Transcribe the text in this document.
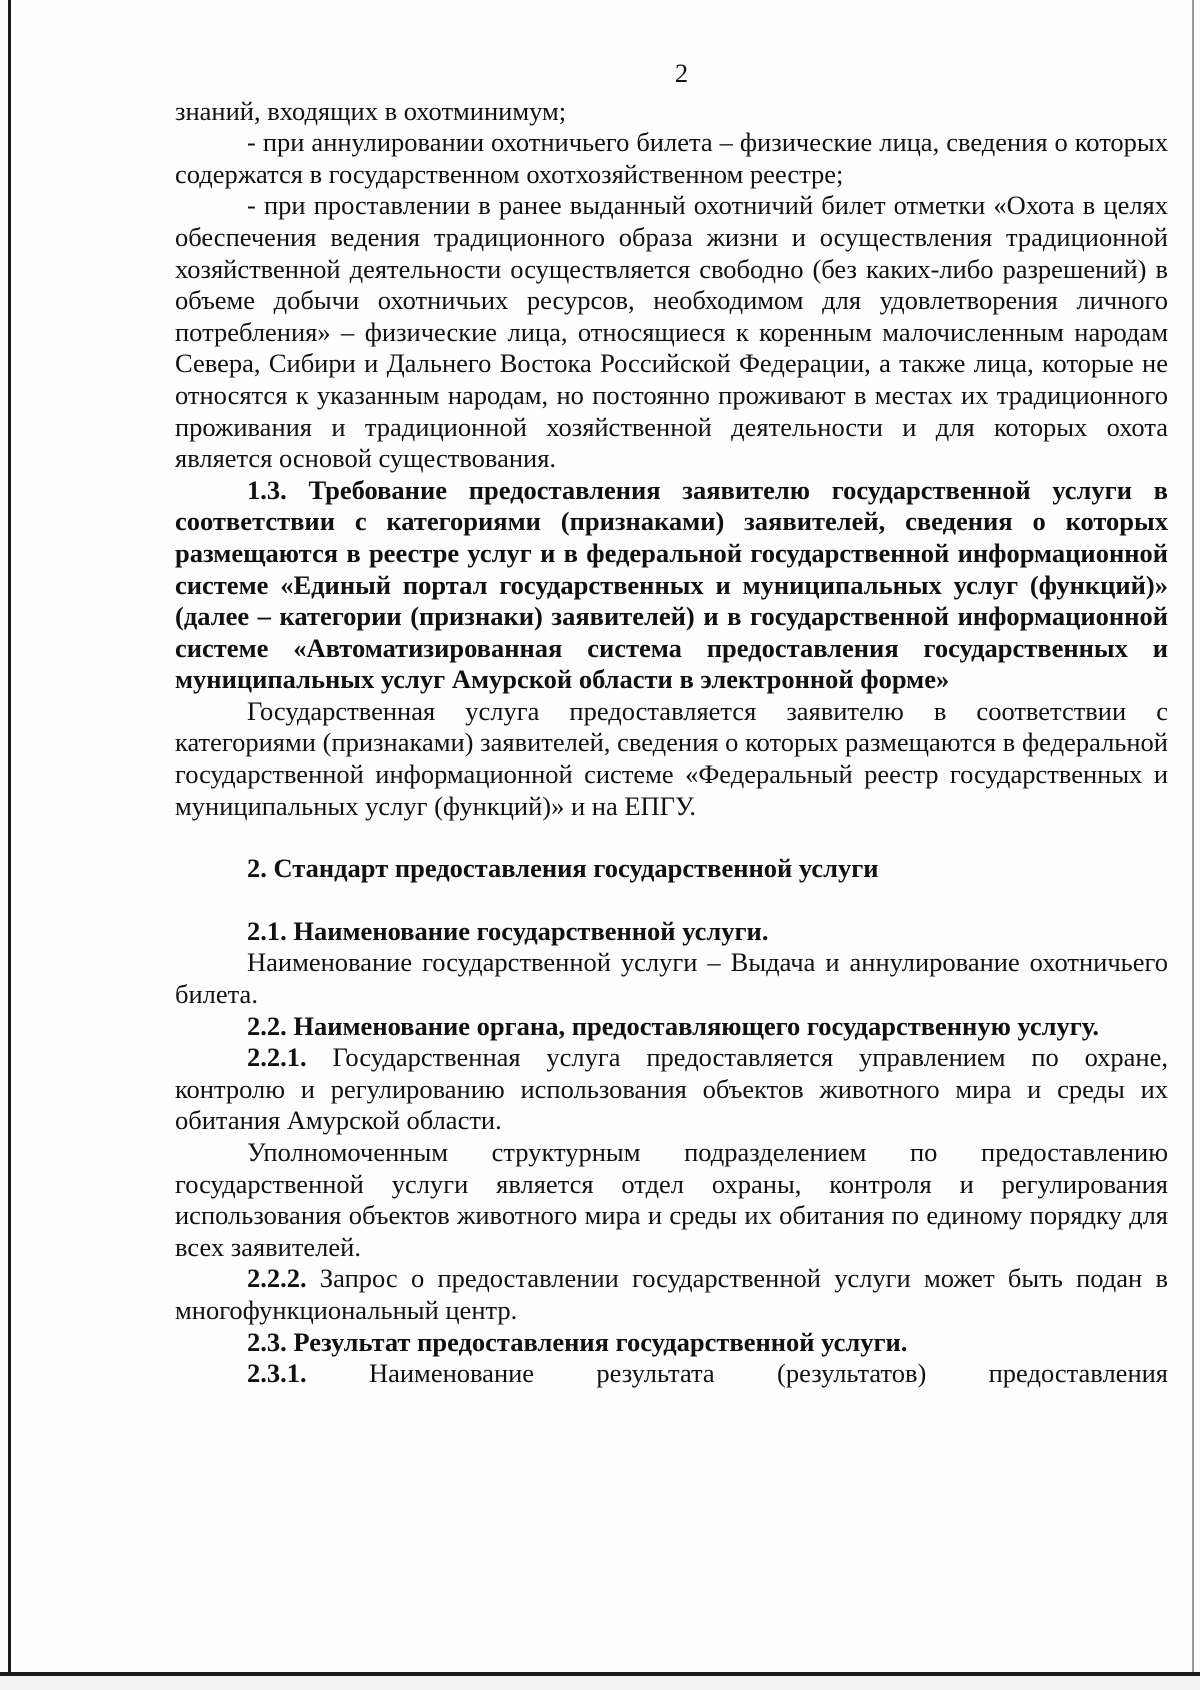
2

знаний, входящих в охотминимум;

- при аннулировании охотничьего билета – физические лица, сведения о которых содержатся в государственном охотхозяйственном реестре;

- при проставлении в ранее выданный охотничий билет отметки «Охота в целях обеспечения ведения традиционного образа жизни и осуществления традиционной хозяйственной деятельности осуществляется свободно (без каких-либо разрешений) в объеме добычи охотничьих ресурсов, необходимом для удовлетворения личного потребления» – физические лица, относящиеся к коренным малочисленным народам Севера, Сибири и Дальнего Востока Российской Федерации, а также лица, которые не относятся к указанным народам, но постоянно проживают в местах их традиционного проживания и традиционной хозяйственной деятельности и для которых охота является основой существования.

1.3. Требование предоставления заявителю государственной услуги в соответствии с категориями (признаками) заявителей, сведения о которых размещаются в реестре услуг и в федеральной государственной информационной системе «Единый портал государственных и муниципальных услуг (функций)» (далее – категории (признаки) заявителей) и в государственной информационной системе «Автоматизированная система предоставления государственных и муниципальных услуг Амурской области в электронной форме»

Государственная услуга предоставляется заявителю в соответствии с категориями (признаками) заявителей, сведения о которых размещаются в федеральной государственной информационной системе «Федеральный реестр государственных и муниципальных услуг (функций)» и на ЕПГУ.

2. Стандарт предоставления государственной услуги

2.1. Наименование государственной услуги.

Наименование государственной услуги – Выдача и аннулирование охотничьего билета.

2.2. Наименование органа, предоставляющего государственную услугу.

2.2.1. Государственная услуга предоставляется управлением по охране, контролю и регулированию использования объектов животного мира и среды их обитания Амурской области.

Уполномоченным структурным подразделением по предоставлению государственной услуги является отдел охраны, контроля и регулирования использования объектов животного мира и среды их обитания по единому порядку для всех заявителей.

2.2.2. Запрос о предоставлении государственной услуги может быть подан в многофункциональный центр.

2.3. Результат предоставления государственной услуги.

2.3.1. Наименование результата (результатов) предоставления
